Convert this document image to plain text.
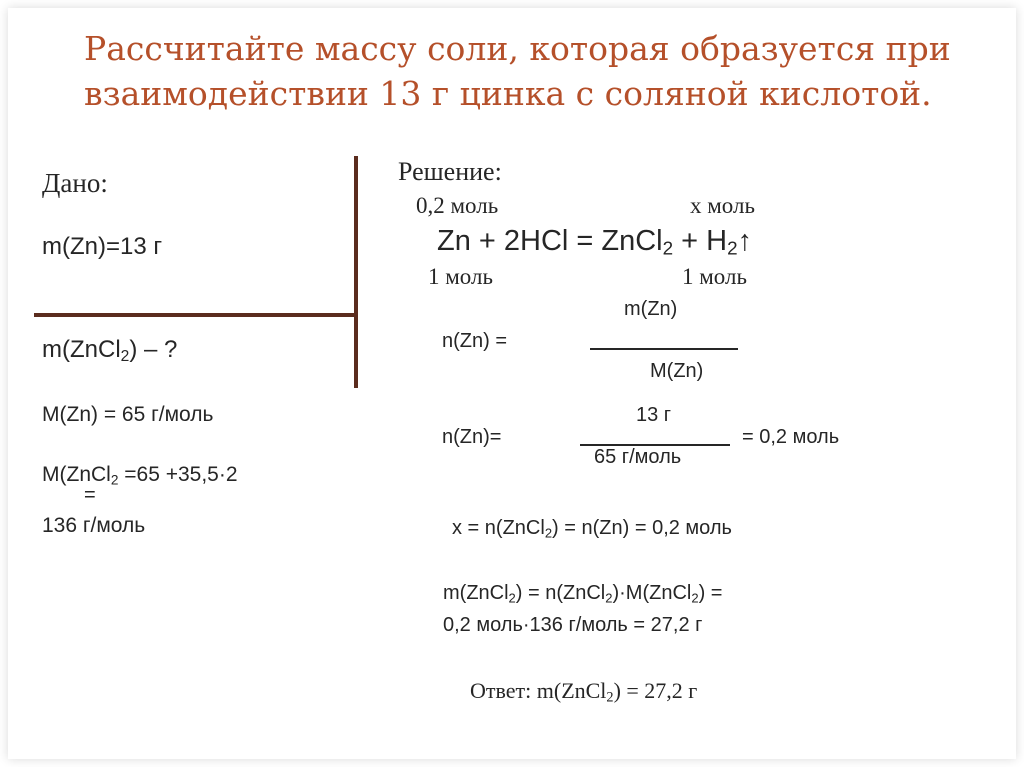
Рассчитайте массу соли, которая образуется при взаимодействии 13 г цинка с соляной кислотой.
Дано:
m(Zn)=13 г
m(ZnCl$_2$) – ?
M(Zn) = 65 г/моль
M(ZnCl$_2$ =65 +35,5·2
=
136 г/моль
Решение:
0,2 моль	х моль
Zn + 2HCl = ZnCl$_2$ + $H_2↑$
1 моль	1 моль
n(Zn) =
m(Zn)
M(Zn)
n(Zn)=
13 г
65 г/моль
= 0,2 моль
х = n(ZnCl$_2$) = n(Zn) = 0,2 моль
m(ZnCl$_2$) = n(ZnCl$_2$)·M(ZnCl$_2$) =
0,2 моль·136 г/моль = 27,2 г
Ответ: m(ZnCl$_2$) = 27,2 г
